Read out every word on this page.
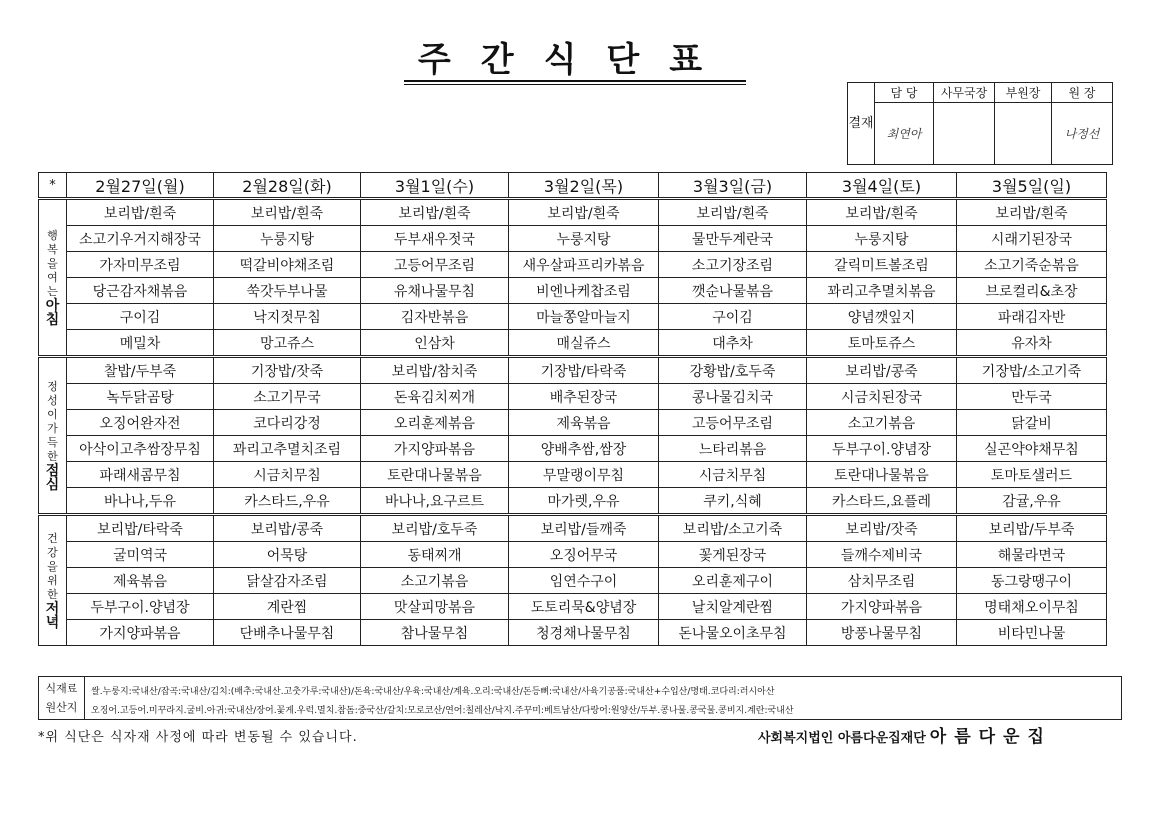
주간식단표
결재	담 당	사무국장	부원장	원 장
	최연아			나정선
*	2월27일(월)	2월28일(화)	3월1일(수)	3월2일(목)	3월3일(금)	3월4일(토)	3월5일(일)

행복을여는
아침	보리밥/흰죽	보리밥/흰죽	보리밥/흰죽	보리밥/흰죽	보리밥/흰죽	보리밥/흰죽	보리밥/흰죽
	소고기우거지해장국	누룽지탕	두부새우젓국	누룽지탕	물만두계란국	누룽지탕	시래기된장국
	가자미무조림	떡갈비야채조림	고등어무조림	새우살파프리카볶음	소고기장조림	갈릭미트볼조림	소고기죽순볶음
	당근감자채볶음	쑥갓두부나물	유채나물무침	비엔나케찹조림	깻순나물볶음	꽈리고추멸치볶음	브로컬리&초장
	구이김	낙지젓무침	김자반볶음	마늘쫑알마늘지	구이김	양념깻잎지	파래김자반
	메밀차	망고쥬스	인삼차	매실쥬스	대추차	토마토쥬스	유자차

정성이가득한
점심	찰밥/두부죽	기장밥/잣죽	보리밥/참치죽	기장밥/타락죽	강황밥/호두죽	보리밥/콩죽	기장밥/소고기죽
	녹두닭곰탕	소고기무국	돈육김치찌개	배추된장국	콩나물김치국	시금치된장국	만두국
	오징어완자전	코다리강정	오리훈제볶음	제육볶음	고등어무조림	소고기볶음	닭갈비
	아삭이고추쌈장무침	꽈리고추멸치조림	가지양파볶음	양배추쌈,쌈장	느타리볶음	두부구이.양념장	실곤약야채무침
	파래새콤무침	시금치무침	토란대나물볶음	무말랭이무침	시금치무침	토란대나물볶음	토마토샐러드
	바나나,두유	카스타드,우유	바나나,요구르트	마가렛,우유	쿠키,식혜	카스타드,요플레	감귤,우유

건강을위한
저녁	보리밥/타락죽	보리밥/콩죽	보리밥/호두죽	보리밥/들깨죽	보리밥/소고기죽	보리밥/잣죽	보리밥/두부죽
	굴미역국	어묵탕	동태찌개	오징어무국	꽃게된장국	들깨수제비국	해물라면국
	제육볶음	닭살감자조림	소고기볶음	임연수구이	오리훈제구이	삼치무조림	동그랑땡구이
	두부구이.양념장	계란찜	맛살피망볶음	도토리묵&양념장	날치알계란찜	가지양파볶음	명태채오이무침
	가지양파볶음	단배추나물무침	참나물무침	청경채나물무침	돈나물오이초무침	방풍나물무침	비타민나물
식재료
원산지
쌀.누룽지:국내산/잡곡:국내산/김치:(배추:국내산.고춧가루:국내산)/돈육:국내산/우육:국내산/계육.오리:국내산/돈등뼈:국내산/사육기공품:국내산+수입산/명태.코다리:러시아산
오징어.고등어.미꾸라지.굴비.아귀:국내산/장어.꽃게.우럭.멸치.참돔:중국산/갈치:모로코산/연어:칠레산/낙지.주꾸미:베트남산/다랑어:원양산/두부.콩나물.콩국물.콩비지.계란:국내산
*위 식단은 식자재 사정에 따라 변동될 수 있습니다.	사회복지법인 아름다운집재단 아름다운집
